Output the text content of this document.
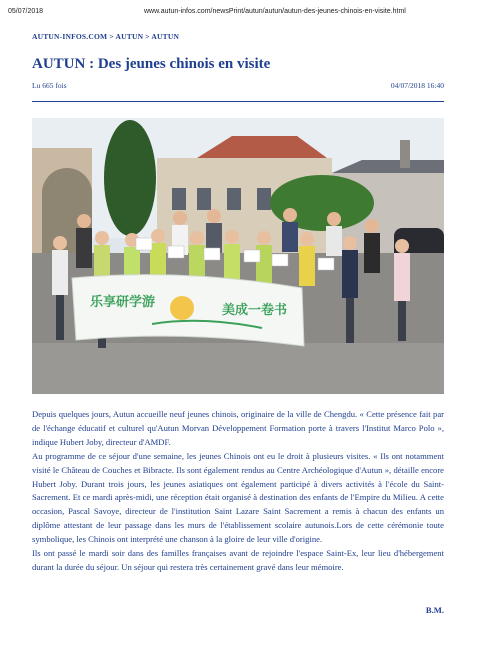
05/07/2018	www.autun-infos.com/newsPrint/autun/autun/autun-des-jeunes-chinois-en-visite.html
AUTUN-INFOS.COM > AUTUN > AUTUN
AUTUN : Des jeunes chinois en visite
Lu 665 fois	04/07/2018 16:40
乐享研学游
美成一卷书

Depuis quelques jours, Autun accueille neuf jeunes chinois, originaire de la ville de Chengdu. « Cette présence fait par de l'échange éducatif et culturel qu'Autun Morvan Développement Formation porte à travers l'Institut Marco Polo », indique Hubert Joby, directeur d'AMDF.

Au programme de ce séjour d'une semaine, les jeunes Chinois ont eu le droit à plusieurs visites. « Ils ont notamment visité le Château de Couches et Bibracte. Ils sont également rendus au Centre Archéologique d'Autun », détaille encore Hubert Joby. Durant trois jours, les jeunes asiatiques ont également participé à divers activités à l'école du Saint-Sacrement. Et ce mardi après-midi, une réception était organisé à destination des enfants de l'Empire du Milieu. A cette occasion, Pascal Savoye, directeur de l'institution Saint Lazare Saint Sacrement a remis à chacun des enfants un diplôme attestant de leur passage dans les murs de l'établissement scolaire autunois.Lors de cette cérémonie toute symbolique, les Chinois ont interprété une chanson à la gloire de leur ville d'origine.

Ils ont passé le mardi soir dans des familles françaises avant de rejoindre l'espace Saint-Ex, leur lieu d'hébergement durant la durée du séjour. Un séjour qui restera très certainement gravé dans leur mémoire.

B.M.
